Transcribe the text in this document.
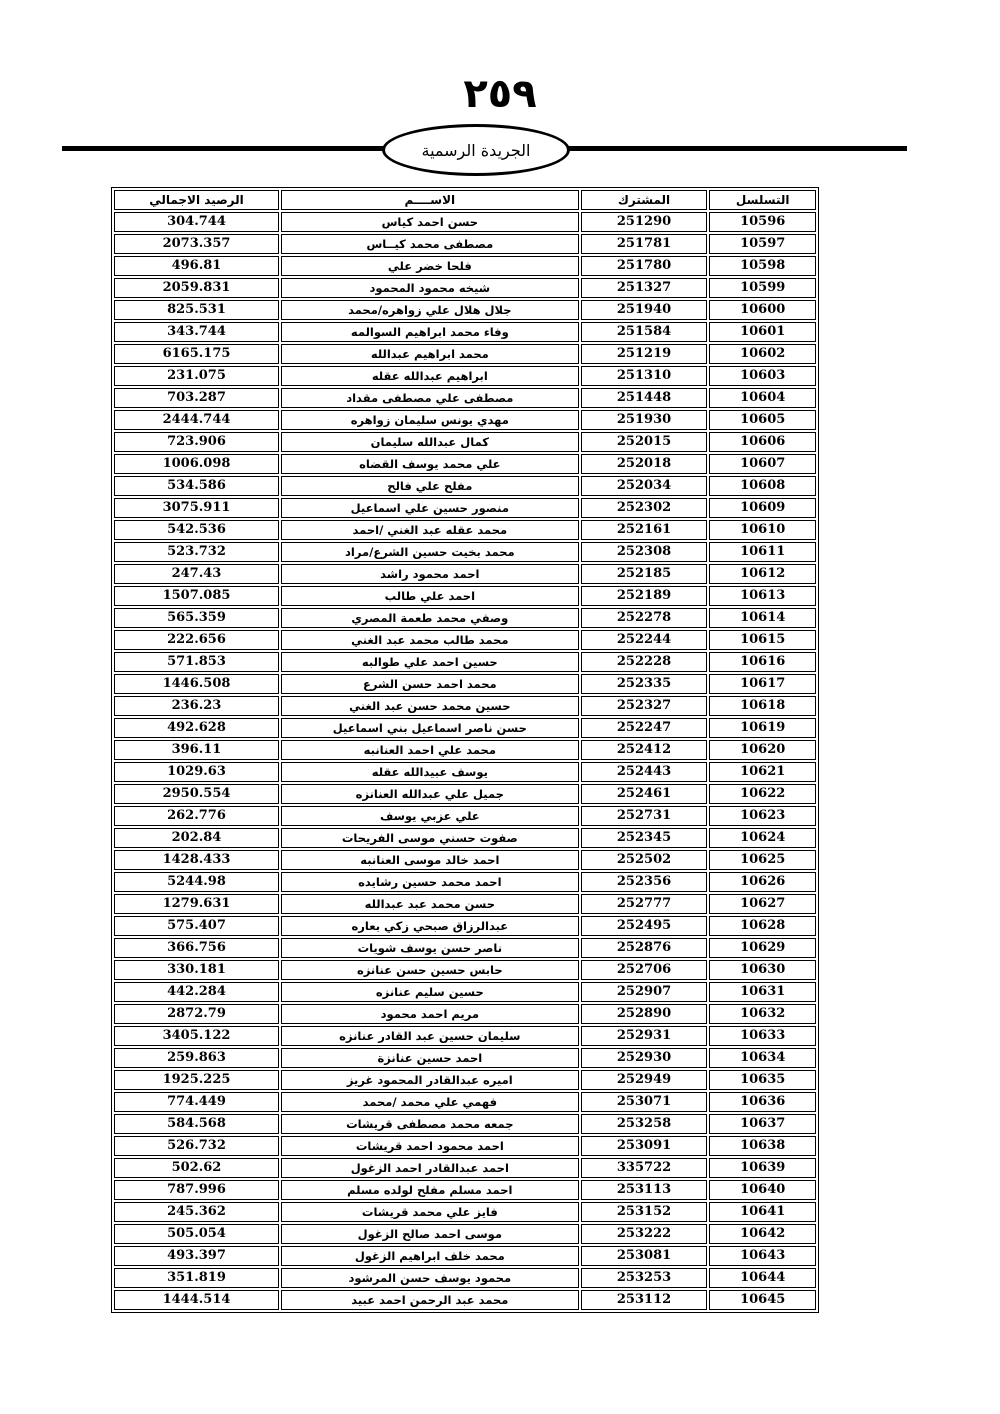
٢٥٩
الجريدة الرسمية
التسلسل	المشترك	الاســــم	الرصيد الاجمالي
10596	251290	حسن احمد كياس	304.744
10597	251781	مصطفى محمد كيــاس	2073.357
10598	251780	فلحا خضر علي	496.81
10599	251327	شيخه محمود المحمود	2059.831
10600	251940	جلال هلال علي زواهره/محمد	825.531
10601	251584	وفاء محمد ابراهيم السوالمه	343.744
10602	251219	محمد ابراهيم عبدالله	6165.175
10603	251310	ابراهيم عبدالله عقله	231.075
10604	251448	مصطفى علي مصطفى مقداد	703.287
10605	251930	مهدي يونس سليمان زواهره	2444.744
10606	252015	كمال عبدالله سليمان	723.906
10607	252018	علي محمد يوسف القضاه	1006.098
10608	252034	مفلح علي فالح	534.586
10609	252302	منصور حسين علي اسماعيل	3075.911
10610	252161	محمد عقله عبد الغني /احمد	542.536
10611	252308	محمد بخيت حسين الشرع/مراد	523.732
10612	252185	احمد محمود راشد	247.43
10613	252189	احمد علي طالب	1507.085
10614	252278	وصفي محمد طعمة المصري	565.359
10615	252244	محمد طالب محمد عبد الغني	222.656
10616	252228	حسين احمد علي طوالبه	571.853
10617	252335	محمد احمد حسن الشرع	1446.508
10618	252327	حسين محمد حسن عبد الغني	236.23
10619	252247	حسن ناصر اسماعيل بني اسماعيل	492.628
10620	252412	محمد علي احمد العنانبه	396.11
10621	252443	يوسف عبيدالله عقله	1029.63
10622	252461	جميل علي عبدالله العنانزه	2950.554
10623	252731	علي عزبي يوسف	262.776
10624	252345	صفوت حسني موسى الفريحات	202.84
10625	252502	احمد خالد موسى العنانبه	1428.433
10626	252356	احمد محمد حسين رشايده	5244.98
10627	252777	حسن محمد عبد عبدالله	1279.631
10628	252495	عبدالرزاق صبحي زكي بعاره	575.407
10629	252876	ناصر حسن يوسف شويات	366.756
10630	252706	حابس حسين حسن عنانزه	330.181
10631	252907	حسين سليم عنانزه	442.284
10632	252890	مريم احمد محمود	2872.79
10633	252931	سليمان حسين عبد القادر عنانزه	3405.122
10634	252930	احمد حسين عنانزة	259.863
10635	252949	اميره عبدالقادر المحمود غريز	1925.225
10636	253071	فهمي علي محمد /محمد	774.449
10637	253258	جمعه محمد مصطفى قريشات	584.568
10638	253091	احمد محمود احمد قريشات	526.732
10639	335722	احمد عبدالقادر احمد الزغول	502.62
10640	253113	احمد مسلم مفلح لولده مسلم	787.996
10641	253152	فايز علي محمد قريشات	245.362
10642	253222	موسى احمد صالح الزغول	505.054
10643	253081	محمد خلف ابراهيم الزغول	493.397
10644	253253	محمود يوسف حسن المرشود	351.819
10645	253112	محمد عبد الرحمن احمد عبيد	1444.514
